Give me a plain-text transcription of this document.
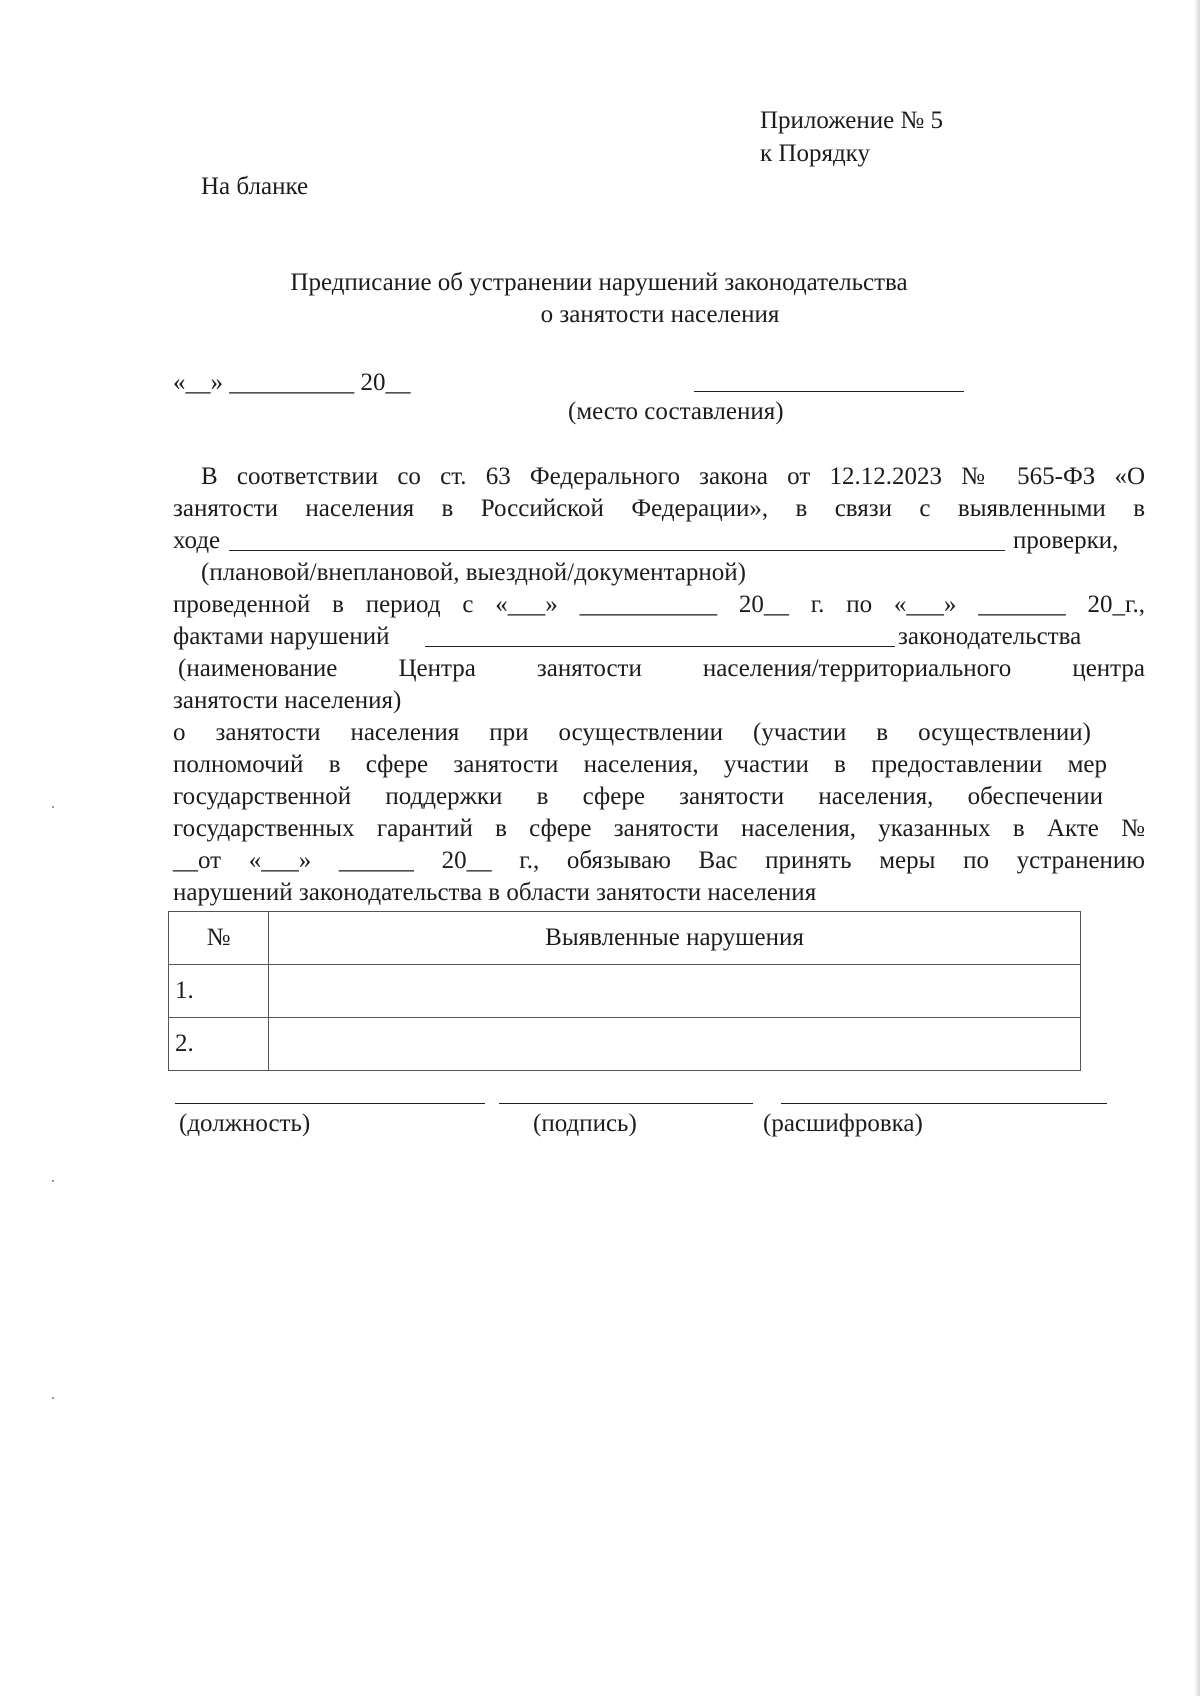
Приложение № 5
к Порядку
На бланке
Предписание об устранении нарушений законодательства
о занятости населения
«__» __________ 20__
(место составления)
В соответствии со ст. 63 Федерального закона от 12.12.2023 № 565-ФЗ «О
занятости населения в Российской Федерации», в связи с выявленными в
ходе	проверки,
(плановой/внеплановой, выездной/документарной)
проведенной в период с «___» ___________ 20__ г. по «___» _______ 20_г.,
фактами нарушений	законодательства
(наименование Центра занятости населения/территориального центра
занятости населения)
о занятости населения при осуществлении (участии в осуществлении)
полномочий в сфере занятости населения, участии в предоставлении мер
государственной поддержки в сфере занятости населения, обеспечении
государственных гарантий в сфере занятости населения, указанных в Акте №
__от «___» ______ 20__ г., обязываю Вас принять меры по устранению
нарушений законодательства в области занятости населения
№	Выявленные нарушения
1.	
2.	
(должность)	(подпись)	(расшифровка)
